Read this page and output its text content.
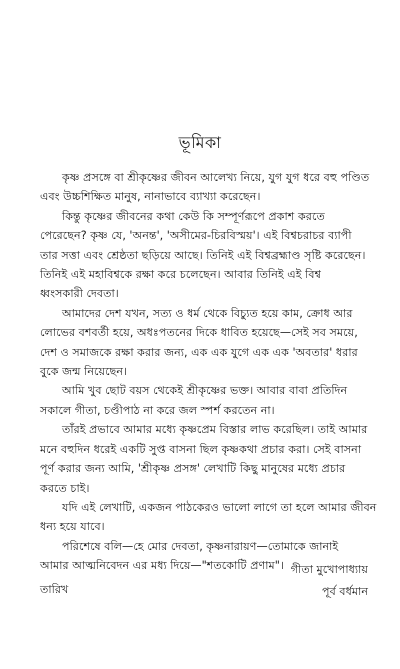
ভূমিকা

কৃষ্ণ প্রসঙ্গে বা শ্রীকৃষ্ণের জীবন আলেখ্য নিয়ে, যুগ যুগ ধরে বহু পণ্ডিত

এবং উচ্চশিক্ষিত মানুষ, নানাভাবে ব্যাখ্যা করেছেন।

কিন্তু কৃষ্ণের জীবনের কথা কেউ কি সম্পূর্ণরূপে প্রকাশ করতে

পেরেছেন? কৃষ্ণ যে, 'অনন্ত', 'অসীমের-চিরবিস্ময়'। এই বিশ্বচরাচর ব্যাপী

তার সত্তা এবং শ্রেষ্ঠতা ছড়িয়ে আছে। তিনিই এই বিশ্বব্রহ্মাণ্ড সৃষ্টি করেছেন।

তিনিই এই মহাবিশ্বকে রক্ষা করে চলেছেন। আবার তিনিই এই বিশ্ব

ধ্বংসকারী দেবতা।

আমাদের দেশ যখন, সত্য ও ধর্ম থেকে বিচ্যুত হয়ে কাম, ক্রোধ আর

লোভের বশবর্তী হয়ে, অধঃপতনের দিকে ধাবিত হয়েছে—সেই সব সময়ে,

দেশ ও সমাজকে রক্ষা করার জন্য, এক এক যুগে এক এক 'অবতার' ধরার

বুকে জন্ম নিয়েছেন।

আমি খুব ছোট বয়স থেকেই শ্রীকৃষ্ণের ভক্ত। আবার বাবা প্রতিদিন

সকালে গীতা, চণ্ডীপাঠ না করে জল স্পর্শ করতেন না।

তাঁরই প্রভাবে আমার মধ্যে কৃষ্ণপ্রেম বিস্তার লাভ করেছিল। তাই আমার

মনে বহুদিন ধরেই একটি সুপ্ত বাসনা ছিল কৃষ্ণকথা প্রচার করা। সেই বাসনা

পূর্ণ করার জন্য আমি, 'শ্রীকৃষ্ণ প্রসঙ্গ' লেখাটি কিছু মানুষের মধ্যে প্রচার

করতে চাই।

যদি এই লেখাটি, একজন পাঠকেরও ভালো লাগে তা হলে আমার জীবন

ধন্য হয়ে যাবে।

পরিশেষে বলি—হে মোর দেবতা, কৃষ্ণনারায়ণ—তোমাকে জানাই

আমার আত্মনিবেদন এর মধ্য দিয়ে—"শতকোটি প্রণাম"।

তারিখ
গীতা মুখোপাধ্যায়
পূর্ব বর্ধমান
